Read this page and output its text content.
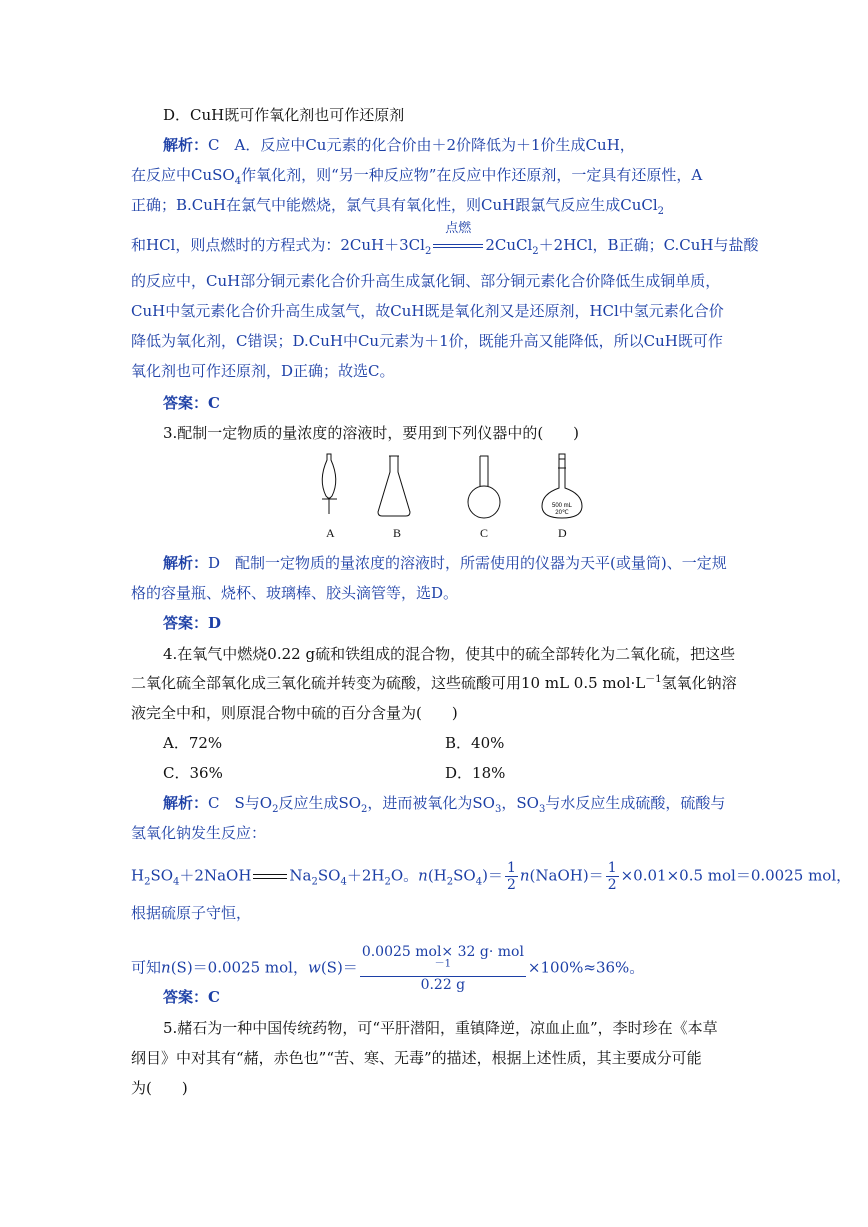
D．CuH既可作氧化剂也可作还原剂
解析：C　A．反应中Cu元素的化合价由＋2价降低为＋1价生成CuH，
在反应中CuSO$_4$作氧化剂，则“另一种反应物”在反应中作还原剂，一定具有还原性，A
正确；B.CuH在氯气中能燃烧，氯气具有氧化性，则CuH跟氯气反应生成CuCl$_2$
和HCl，则点燃时的方程式为：$2CuH+3Cl_2$
点燃
2CuCl$_2$＋2HCl，B正确；C.CuH与盐酸
的反应中，CuH部分铜元素化合价升高生成氯化铜、部分铜元素化合价降低生成铜单质，
CuH中氢元素化合价升高生成氢气，故CuH既是氧化剂又是还原剂，HCl中氢元素化合价
降低为氧化剂，C错误；D.CuH中Cu元素为＋1价，既能升高又能降低，所以CuH既可作
氧化剂也可作还原剂，D正确；故选C。
答案：C
3.配制一定物质的量浓度的溶液时，要用到下列仪器中的(　　)
500 mL
20℃
A	B	C	D
解析：D　配制一定物质的量浓度的溶液时，所需使用的仪器为天平(或量筒)、一定规
格的容量瓶、烧杯、玻璃棒、胶头滴管等，选D。
答案：D
4.在氧气中燃烧0.22 g硫和铁组成的混合物，使其中的硫全部转化为二氧化硫，把这些
二氧化硫全部氧化成三氧化硫并转变为硫酸，这些硫酸可用10 mL 0.5 $mol\cdot L^{-1}$氢氧化钠溶
液完全中和，则原混合物中硫的百分含量为(　　)
A．72%	B．40%
C．36%	D．18%
解析：C　S与$O_2$反应生成$SO_2$，进而被氧化为$SO_3$，$SO_3$与水反应生成硫酸，硫酸与
氢氧化钠发生反应：
$H_2SO_4+2NaOH$	$Na_2SO_4+2H_2O$。$n(H_2SO_4)= \frac{1}{2}$ n(NaOH)＝ $\frac{1}{2} \times 0.01\times 0.5$ mol＝0.0025 mol，
根据硫原子守恒，
可知n(S)＝0.0025 mol，w(S)＝ 0.0025 mol× 32 g· mol
$^{-1}$
0.22 g ×100%≈36%。
答案：C
5.赭石为一种中国传统药物，可“平肝潜阳，重镇降逆，凉血止血”，李时珍在《本草
纲目》中对其有“赭，赤色也”“苦、寒、无毒”的描述，根据上述性质，其主要成分可能
为(　　)
